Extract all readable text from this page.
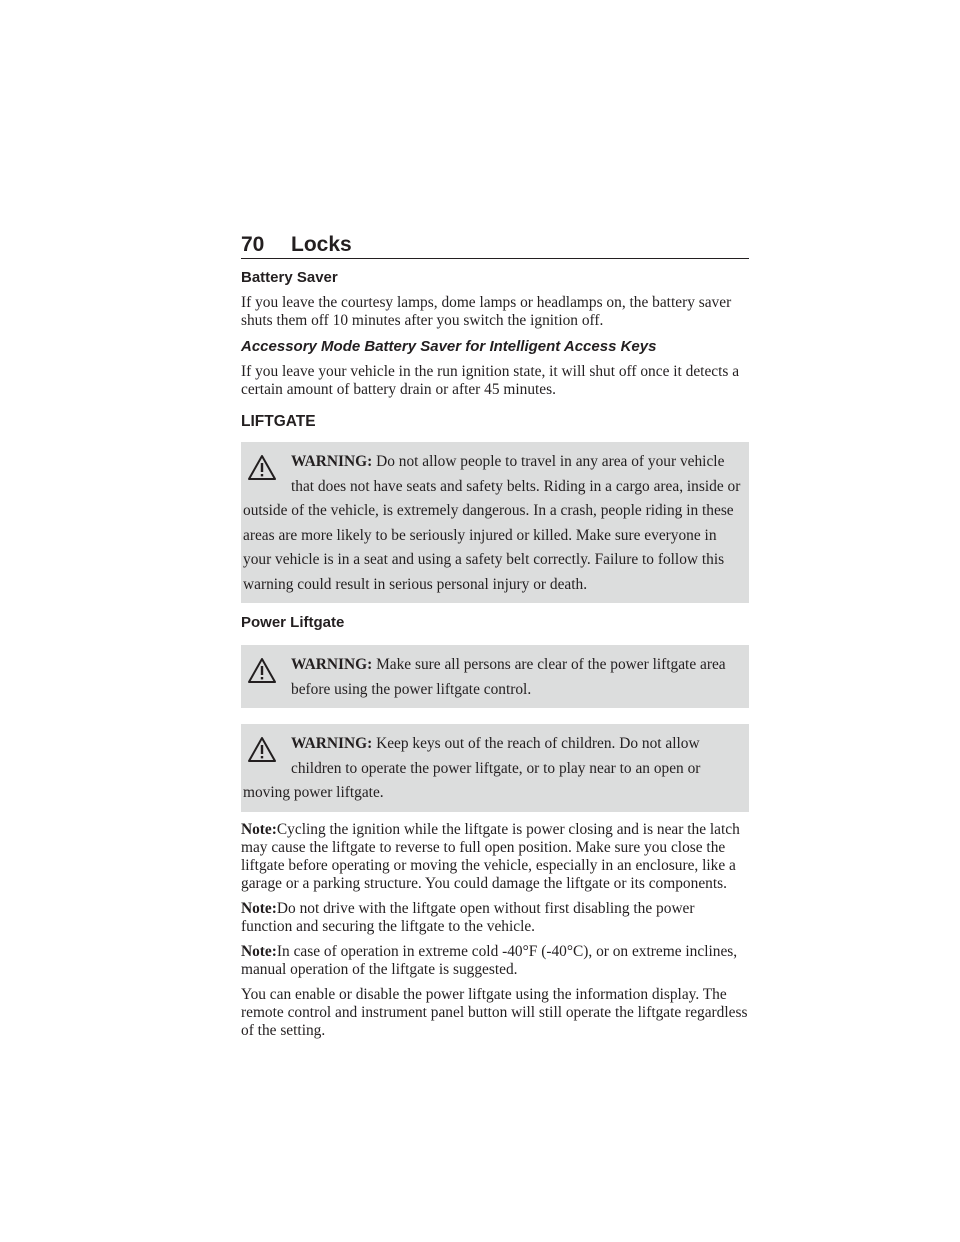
70	Locks
Battery Saver

If you leave the courtesy lamps, dome lamps or headlamps on, the battery saver shuts them off 10 minutes after you switch the ignition off.

Accessory Mode Battery Saver for Intelligent Access Keys

If you leave your vehicle in the run ignition state, it will shut off once it detects a certain amount of battery drain or after 45 minutes.

LIFTGATE
WARNING: Do not allow people to travel in any area of your vehicle that does not have seats and safety belts. Riding in a cargo area, inside or outside of the vehicle, is extremely dangerous. In a crash, people riding in these areas are more likely to be seriously injured or killed. Make sure everyone in your vehicle is in a seat and using a safety belt correctly. Failure to follow this warning could result in serious personal injury or death.
Power Liftgate
WARNING: Make sure all persons are clear of the power liftgate area before using the power liftgate control.
WARNING: Keep keys out of the reach of children. Do not allow children to operate the power liftgate, or to play near to an open or moving power liftgate.

Note:Cycling the ignition while the liftgate is power closing and is near the latch may cause the liftgate to reverse to full open position. Make sure you close the liftgate before operating or moving the vehicle, especially in an enclosure, like a garage or a parking structure. You could damage the liftgate or its components.

Note:Do not drive with the liftgate open without first disabling the power function and securing the liftgate to the vehicle.

Note:In case of operation in extreme cold -40°F (-40°C), or on extreme inclines, manual operation of the liftgate is suggested.

You can enable or disable the power liftgate using the information display. The remote control and instrument panel button will still operate the liftgate regardless of the setting.
